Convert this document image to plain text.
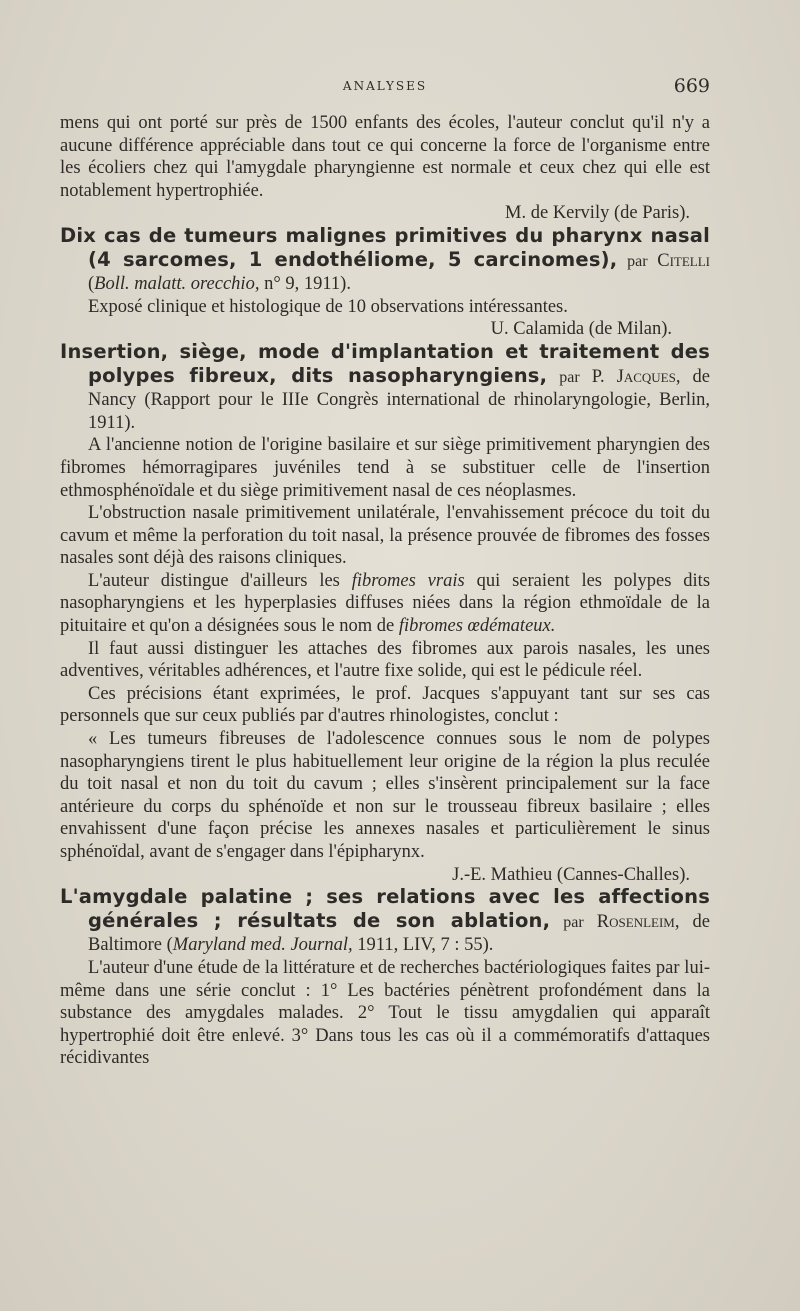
ANALYSES	669

mens qui ont porté sur près de 1500 enfants des écoles, l'auteur conclut qu'il n'y a aucune différence appréciable dans tout ce qui concerne la force de l'organisme entre les écoliers chez qui l'amygdale pharyngienne est normale et ceux chez qui elle est notablement hypertrophiée.

M. de Kervily (de Paris).

Dix cas de tumeurs malignes primitives du pharynx nasal (4 sarcomes, 1 endothéliome, 5 carcinomes), par Citelli (Boll. malatt. orecchio, n° 9, 1911).

Exposé clinique et histologique de 10 observations intéressantes.

U. Calamida (de Milan).

Insertion, siège, mode d'implantation et traitement des polypes fibreux, dits nasopharyngiens, par P. Jacques, de Nancy (Rapport pour le IIIe Congrès international de rhinolaryngologie, Berlin, 1911).

A l'ancienne notion de l'origine basilaire et sur siège primitivement pharyngien des fibromes hémorragipares juvéniles tend à se substituer celle de l'insertion ethmosphénoïdale et du siège primitivement nasal de ces néoplasmes.

L'obstruction nasale primitivement unilatérale, l'envahissement précoce du toit du cavum et même la perforation du toit nasal, la présence prouvée de fibromes des fosses nasales sont déjà des raisons cliniques.

L'auteur distingue d'ailleurs les fibromes vrais qui seraient les polypes dits nasopharyngiens et les hyperplasies diffuses niées dans la région ethmoïdale de la pituitaire et qu'on a désignées sous le nom de fibromes œdémateux.

Il faut aussi distinguer les attaches des fibromes aux parois nasales, les unes adventives, véritables adhérences, et l'autre fixe solide, qui est le pédicule réel.

Ces précisions étant exprimées, le prof. Jacques s'appuyant tant sur ses cas personnels que sur ceux publiés par d'autres rhinologistes, conclut :

« Les tumeurs fibreuses de l'adolescence connues sous le nom de polypes nasopharyngiens tirent le plus habituellement leur origine de la région la plus reculée du toit nasal et non du toit du cavum ; elles s'insèrent principalement sur la face antérieure du corps du sphénoïde et non sur le trousseau fibreux basilaire ; elles envahissent d'une façon précise les annexes nasales et particulièrement le sinus sphénoïdal, avant de s'engager dans l'épipharynx.

J.-E. Mathieu (Cannes-Challes).

L'amygdale palatine ; ses relations avec les affections générales ; résultats de son ablation, par Rosenleim, de Baltimore (Maryland med. Journal, 1911, LIV, 7 : 55).

L'auteur d'une étude de la littérature et de recherches bactériologiques faites par lui-même dans une série conclut : 1° Les bactéries pénètrent profondément dans la substance des amygdales malades. 2° Tout le tissu amygdalien qui apparaît hypertrophié doit être enlevé. 3° Dans tous les cas où il a commémoratifs d'attaques récidivantes
